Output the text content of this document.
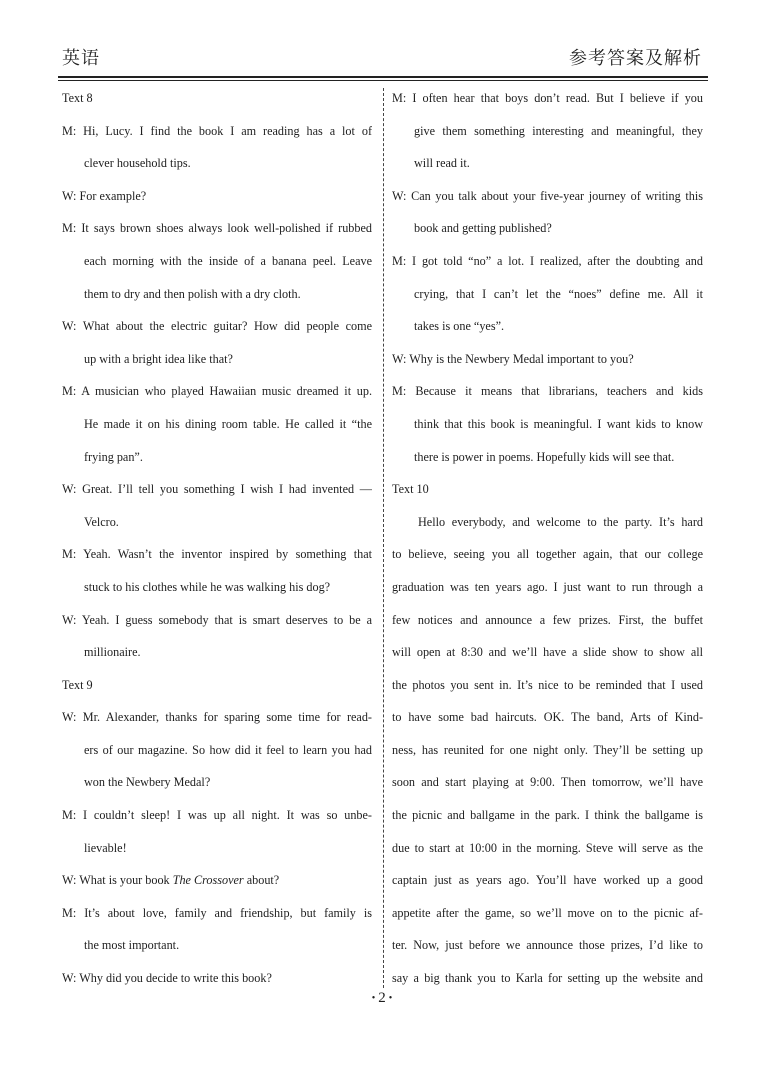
英语	参考答案及解析
Text 8
M: Hi, Lucy. I find the book I am reading has a lot of
clever household tips.
W: For example?
M: It says brown shoes always look well-polished if rubbed
each morning with the inside of a banana peel. Leave
them to dry and then polish with a dry cloth.
W: What about the electric guitar? How did people come
up with a bright idea like that?
M: A musician who played Hawaiian music dreamed it up.
He made it on his dining room table. He called it “the
frying pan”.
W: Great. I’ll tell you something I wish I had invented —
Velcro.
M: Yeah. Wasn’t the inventor inspired by something that
stuck to his clothes while he was walking his dog?
W: Yeah. I guess somebody that is smart deserves to be a
millionaire.
Text 9
W: Mr. Alexander, thanks for sparing some time for read-
ers of our magazine. So how did it feel to learn you had
won the Newbery Medal?
M: I couldn’t sleep! I was up all night. It was so unbe-
lievable!
W: What is your book The Crossover about?
M: It’s about love, family and friendship, but family is
the most important.
W: Why did you decide to write this book?
M: I often hear that boys don’t read. But I believe if you
give them something interesting and meaningful, they
will read it.
W: Can you talk about your five-year journey of writing this
book and getting published?
M: I got told “no” a lot. I realized, after the doubting and
crying, that I can’t let the “noes” define me. All it
takes is one “yes”.
W: Why is the Newbery Medal important to you?
M: Because it means that librarians, teachers and kids
think that this book is meaningful. I want kids to know
there is power in poems. Hopefully kids will see that.
Text 10
Hello everybody, and welcome to the party. It’s hard
to believe, seeing you all together again, that our college
graduation was ten years ago. I just want to run through a
few notices and announce a few prizes. First, the buffet
will open at 8:30 and we’ll have a slide show to show all
the photos you sent in. It’s nice to be reminded that I used
to have some bad haircuts. OK. The band, Arts of Kind-
ness, has reunited for one night only. They’ll be setting up
soon and start playing at 9:00. Then tomorrow, we’ll have
the picnic and ballgame in the park. I think the ballgame is
due to start at 10:00 in the morning. Steve will serve as the
captain just as years ago. You’ll have worked up a good
appetite after the game, so we’ll move on to the picnic af-
ter. Now, just before we announce those prizes, I’d like to
say a big thank you to Karla for setting up the website and
• 2 •
